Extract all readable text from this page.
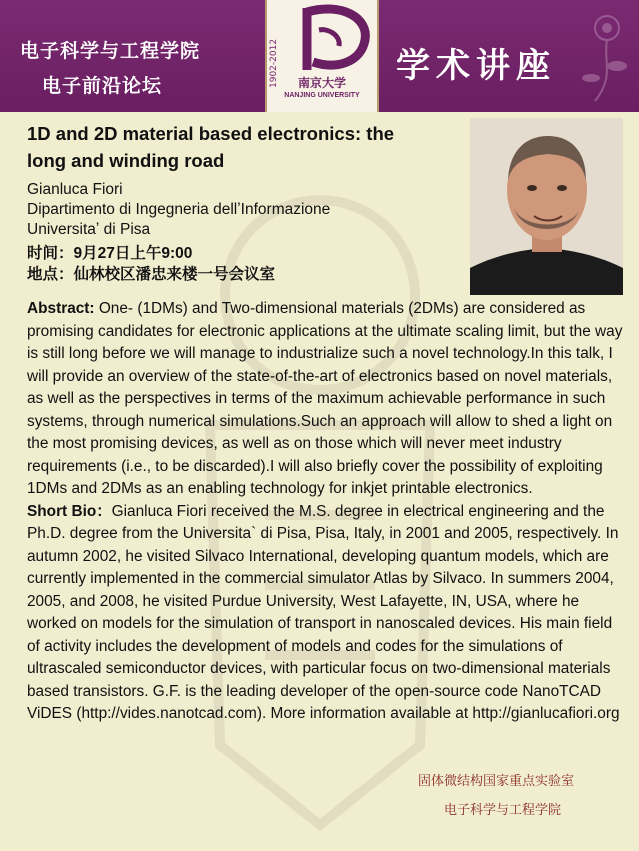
电子科学与工程学院
电子前沿论坛	1902-2012	南京大学
NANJING UNIVERSITY
学术讲座
1D and 2D material based electronics: the long and winding road
Gianluca Fiori
Dipartimento di Ingegneria dellʼInformazione
Universitaʼ di Pisa
时间：9月27日上午9:00
地点：仙林校区潘忠来楼一号会议室
Abstract: One- (1DMs) and Two-dimensional materials (2DMs) are considered as promising candidates for electronic applications at the ultimate scaling limit, but the way is still long before we will manage to industrialize such a novel technology.In this talk, I will provide an overview of the state-of-the-art of electronics based on novel materials, as well as the perspectives in terms of the maximum achievable performance in such systems, through numerical simulations.Such an approach will allow to shed a light on the most promising devices, as well as on those which will never meet industry requirements (i.e., to be discarded).I will also briefly cover the possibility of exploiting 1DMs and 2DMs as an enabling technology for inkjet printable electronics.
Short Bio：Gianluca Fiori received the M.S. degree in electrical engineering and the Ph.D. degree from the Universita` di Pisa, Pisa, Italy, in 2001 and 2005, respectively. In autumn 2002, he visited Silvaco International, developing quantum models, which are currently implemented in the commercial simulator Atlas by Silvaco. In summers 2004, 2005, and 2008, he visited Purdue University, West Lafayette, IN, USA, where he worked on models for the simulation of transport in nanoscaled devices. His main field of activity includes the development of models and codes for the simulations of ultrascaled semiconductor devices, with particular focus on two-dimensional materials based transistors. G.F. is the leading developer of the open-source code NanoTCAD ViDES (http://vides.nanotcad.com). More information available at http://gianlucafiori.org
固体微结构国家重点实验室
电子科学与工程学院
